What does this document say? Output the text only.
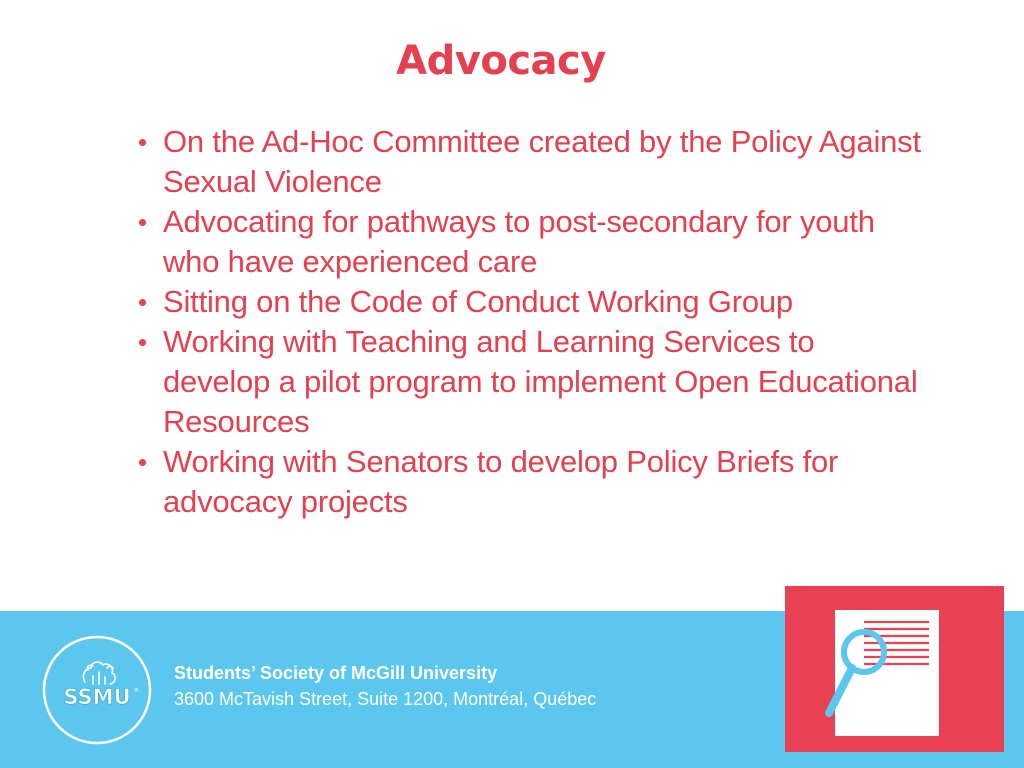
Advocacy
On the Ad-Hoc Committee created by the Policy Against Sexual Violence
Advocating for pathways to post-secondary for youth who have experienced care
Sitting on the Code of Conduct Working Group
Working with Teaching and Learning Services to develop a pilot program to implement Open Educational Resources
Working with Senators to develop Policy Briefs for advocacy projects
SSMU ®
Students’ Society of McGill University
3600 McTavish Street, Suite 1200, Montréal, Québec
